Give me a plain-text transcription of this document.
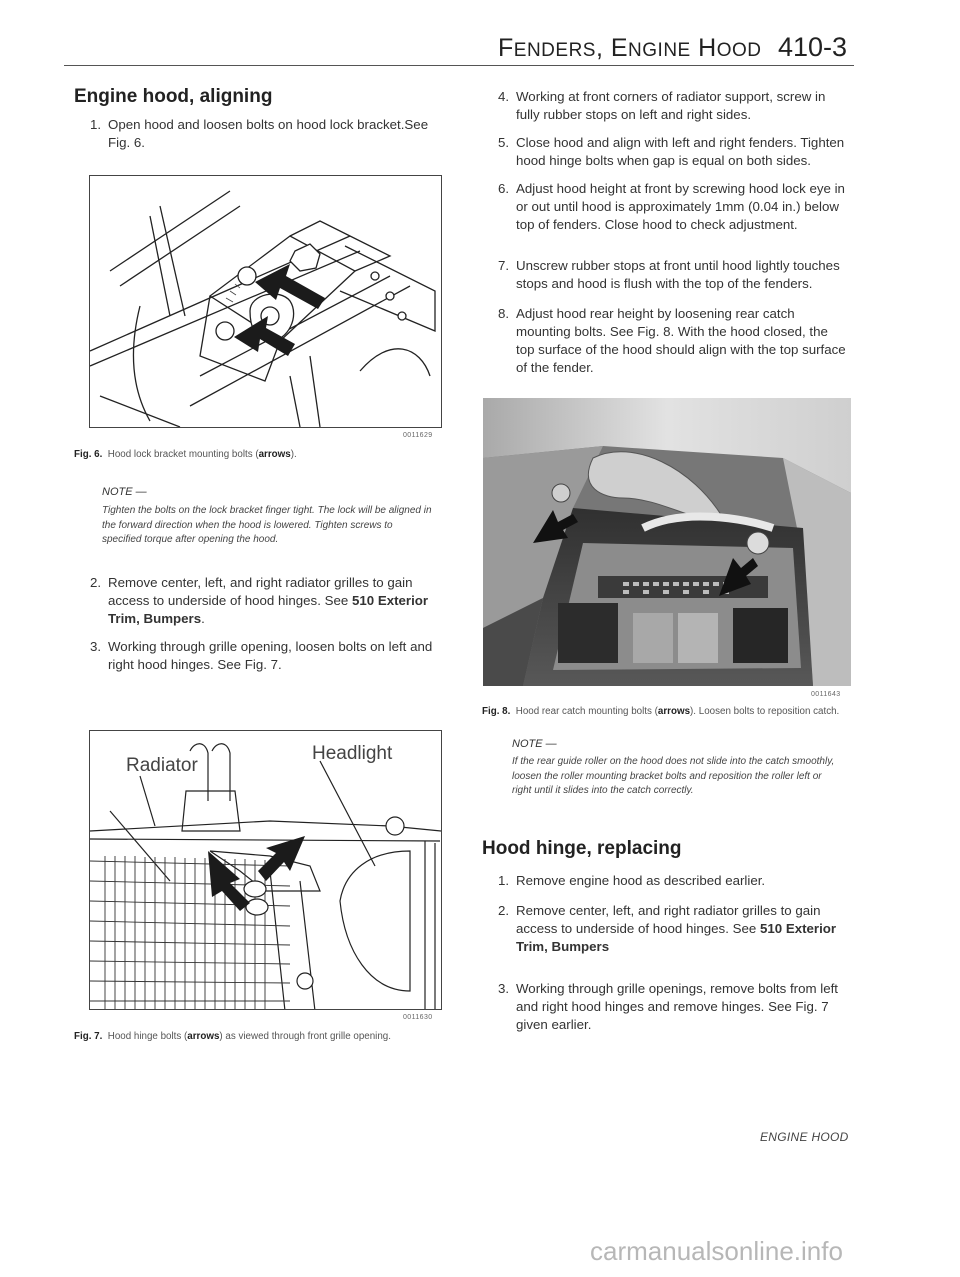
FENDERS, ENGINE HOOD 410-3
Engine hood, aligning
1. Open hood and loosen bolts on hood lock bracket.See Fig. 6.
0011629
Fig. 6. Hood lock bracket mounting bolts (arrows).
NOTE —
Tighten the bolts on the lock bracket finger tight. The lock will be aligned in the forward direction when the hood is lowered. Tighten screws to specified torque after opening the hood.
2. Remove center, left, and right radiator grilles to gain access to underside of hood hinges. See 510 Exterior Trim, Bumpers.
3. Working through grille opening, loosen bolts on left and right hood hinges. See Fig. 7.
Radiator
Headlight
0011630
Fig. 7. Hood hinge bolts (arrows) as viewed through front grille opening.
4. Working at front corners of radiator support, screw in fully rubber stops on left and right sides.
5. Close hood and align with left and right fenders. Tighten hood hinge bolts when gap is equal on both sides.
6. Adjust hood height at front by screwing hood lock eye in or out until hood is approximately 1mm (0.04 in.) below top of fenders. Close hood to check adjustment.
7. Unscrew rubber stops at front until hood lightly touches stops and hood is flush with the top of the fenders.
8. Adjust hood rear height by loosening rear catch mounting bolts. See Fig. 8. With the hood closed, the top surface of the hood should align with the top surface of the fender.
0011643
Fig. 8. Hood rear catch mounting bolts (arrows). Loosen bolts to reposition catch.
NOTE —
If the rear guide roller on the hood does not slide into the catch smoothly, loosen the roller mounting bracket bolts and reposition the roller left or right until it slides into the catch correctly.
Hood hinge, replacing
1. Remove engine hood as described earlier.
2. Remove center, left, and right radiator grilles to gain access to underside of hood hinges. See 510 Exterior Trim, Bumpers
3. Working through grille openings, remove bolts from left and right hood hinges and remove hinges. See Fig. 7 given earlier.
ENGINE HOOD
carmanualsonline.info
